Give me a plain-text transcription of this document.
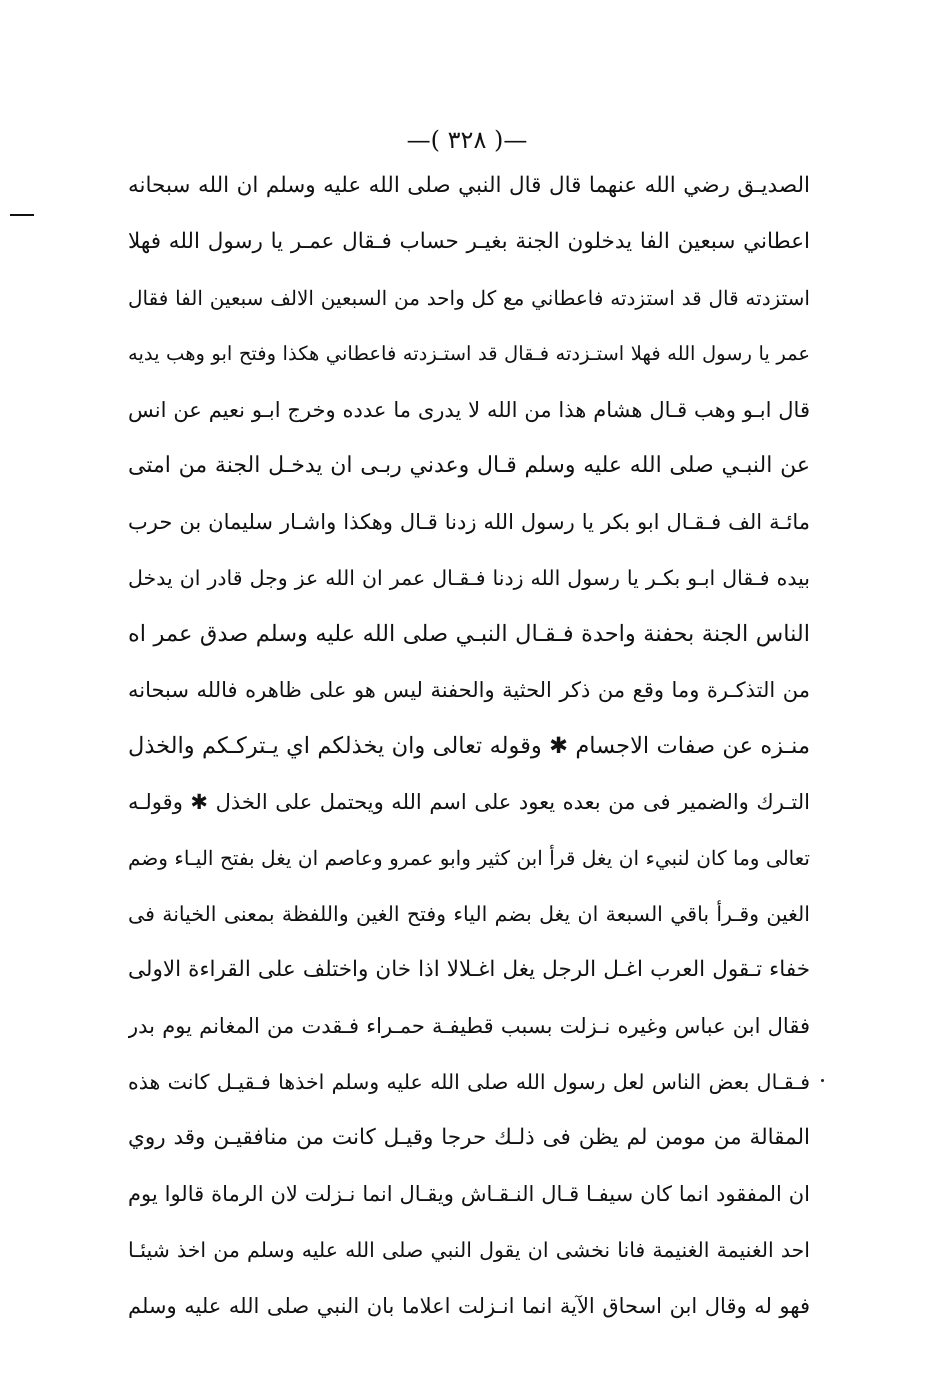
—( ٣٢٨ )—
الصديـق رضي الله عنهما قال قال النبي صلى الله عليه وسلم ان الله سبحانه
اعطاني سبعين الفا يدخلون الجنة بغيـر حساب فـقال عمـر يا رسول الله فهلا
استزدته قال قد استزدته فاعطاني مع كل واحد من السبعين الالف سبعين الفا فقال
عمر يا رسول الله فهلا استـزدته فـقال قد استـزدته فاعطاني هكذا وفتح ابو وهب يديه
قال ابـو وهب قـال هشام هذا من الله لا يدرى ما عدده وخرج ابـو نعيم عن انس
عن النبـي صلى الله عليه وسلم قـال وعدني ربـى ان يدخـل الجنة من امتى
مائـة الف فـقـال ابو بكر يا رسول الله زدنا قـال وهكذا واشـار سليمان بن حرب
بيده فـقال ابـو بكـر يا رسول الله زدنا فـقـال عمر ان الله عز وجل قادر ان يدخل
الناس الجنة بحفنة واحدة فـقـال النبـي صلى الله عليه وسلم صدق عمر اه
من التذكـرة وما وقع من ذكر الحثية والحفنة ليس هو على ظاهره فالله سبحانه
منـزه عن صفات الاجسام ✱ وقوله تعالى وان يخذلكم اي يـتركـكم والخذل
التـرك والضمير فى من بعده يعود على اسم الله ويحتمل على الخذل ✱ وقولـه
تعالى وما كان لنبيء ان يغل قرأ ابن كثير وابو عمرو وعاصم ان يغل بفتح اليـاء وضم
الغين وقـرأ باقي السبعة ان يغل بضم الياء وفتح الغين واللفظة بمعنى الخيانة فى
خفاء تـقول العرب اغـل الرجل يغل اغـلالا اذا خان واختلف على القراءة الاولى
فقال ابن عباس وغيره نـزلت بسبب قطيفـة حمـراء فـقدت من المغانم يوم بدر
فـقـال بعض الناس لعل رسول الله صلى الله عليه وسلم اخذها فـقيـل كانت هذه
المقالة من مومن لم يظن فى ذلـك حرجا وقيـل كانت من منافقيـن وقد روي
ان المفقود انما كان سيفـا قـال النـقـاش ويقـال انما نـزلت لان الرماة قالوا يوم
احد الغنيمة الغنيمة فانا نخشى ان يقول النبي صلى الله عليه وسلم من اخذ شيئـا
فهو له وقال ابن اسحاق الآية انما انـزلت اعلاما بان النبي صلى الله عليه وسلم
